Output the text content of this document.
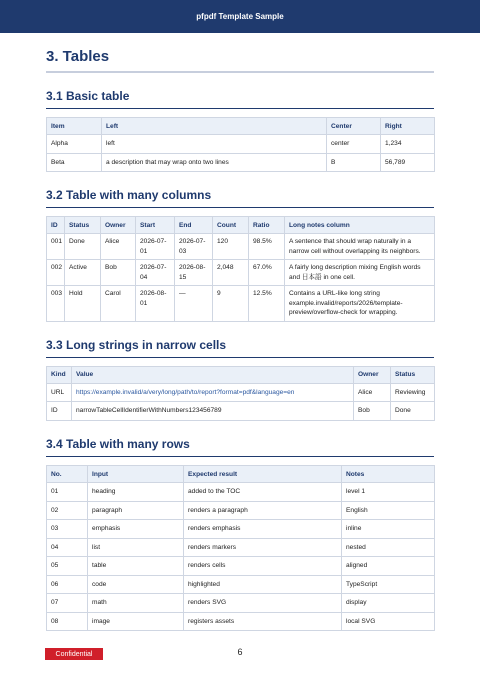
pfpdf Template Sample
3. Tables
3.1 Basic table
Item	Left	Center	Right
Alpha	left	center	1,234
Beta	a description that may wrap onto two lines	B	56,789
3.2 Table with many columns
ID	Status	Owner	Start	End	Count	Ratio	Long notes column
001	Done	Alice	2026-07-01	2026-07-03	120	98.5%	A sentence that should wrap naturally in a narrow cell without overlapping its neighbors.
002	Active	Bob	2026-07-04	2026-08-15	2,048	67.0%	A fairly long description mixing English words and 日本語 in one cell.
003	Hold	Carol	2026-08-01	—	9	12.5%	Contains a URL-like long string example.invalid/reports/2026/template-preview/overflow-check for wrapping.
3.3 Long strings in narrow cells
Kind	Value	Owner	Status
URL	https://example.invalid/a/very/long/path/to/report?format=pdf&language=en	Alice	Reviewing
ID	narrowTableCellIdentifierWithNumbers123456789	Bob	Done
3.4 Table with many rows
No.	Input	Expected result	Notes
01	heading	added to the TOC	level 1
02	paragraph	renders a paragraph	English
03	emphasis	renders emphasis	inline
04	list	renders markers	nested
05	table	renders cells	aligned
06	code	highlighted	TypeScript
07	math	renders SVG	display
08	image	registers assets	local SVG
Confidential	6
